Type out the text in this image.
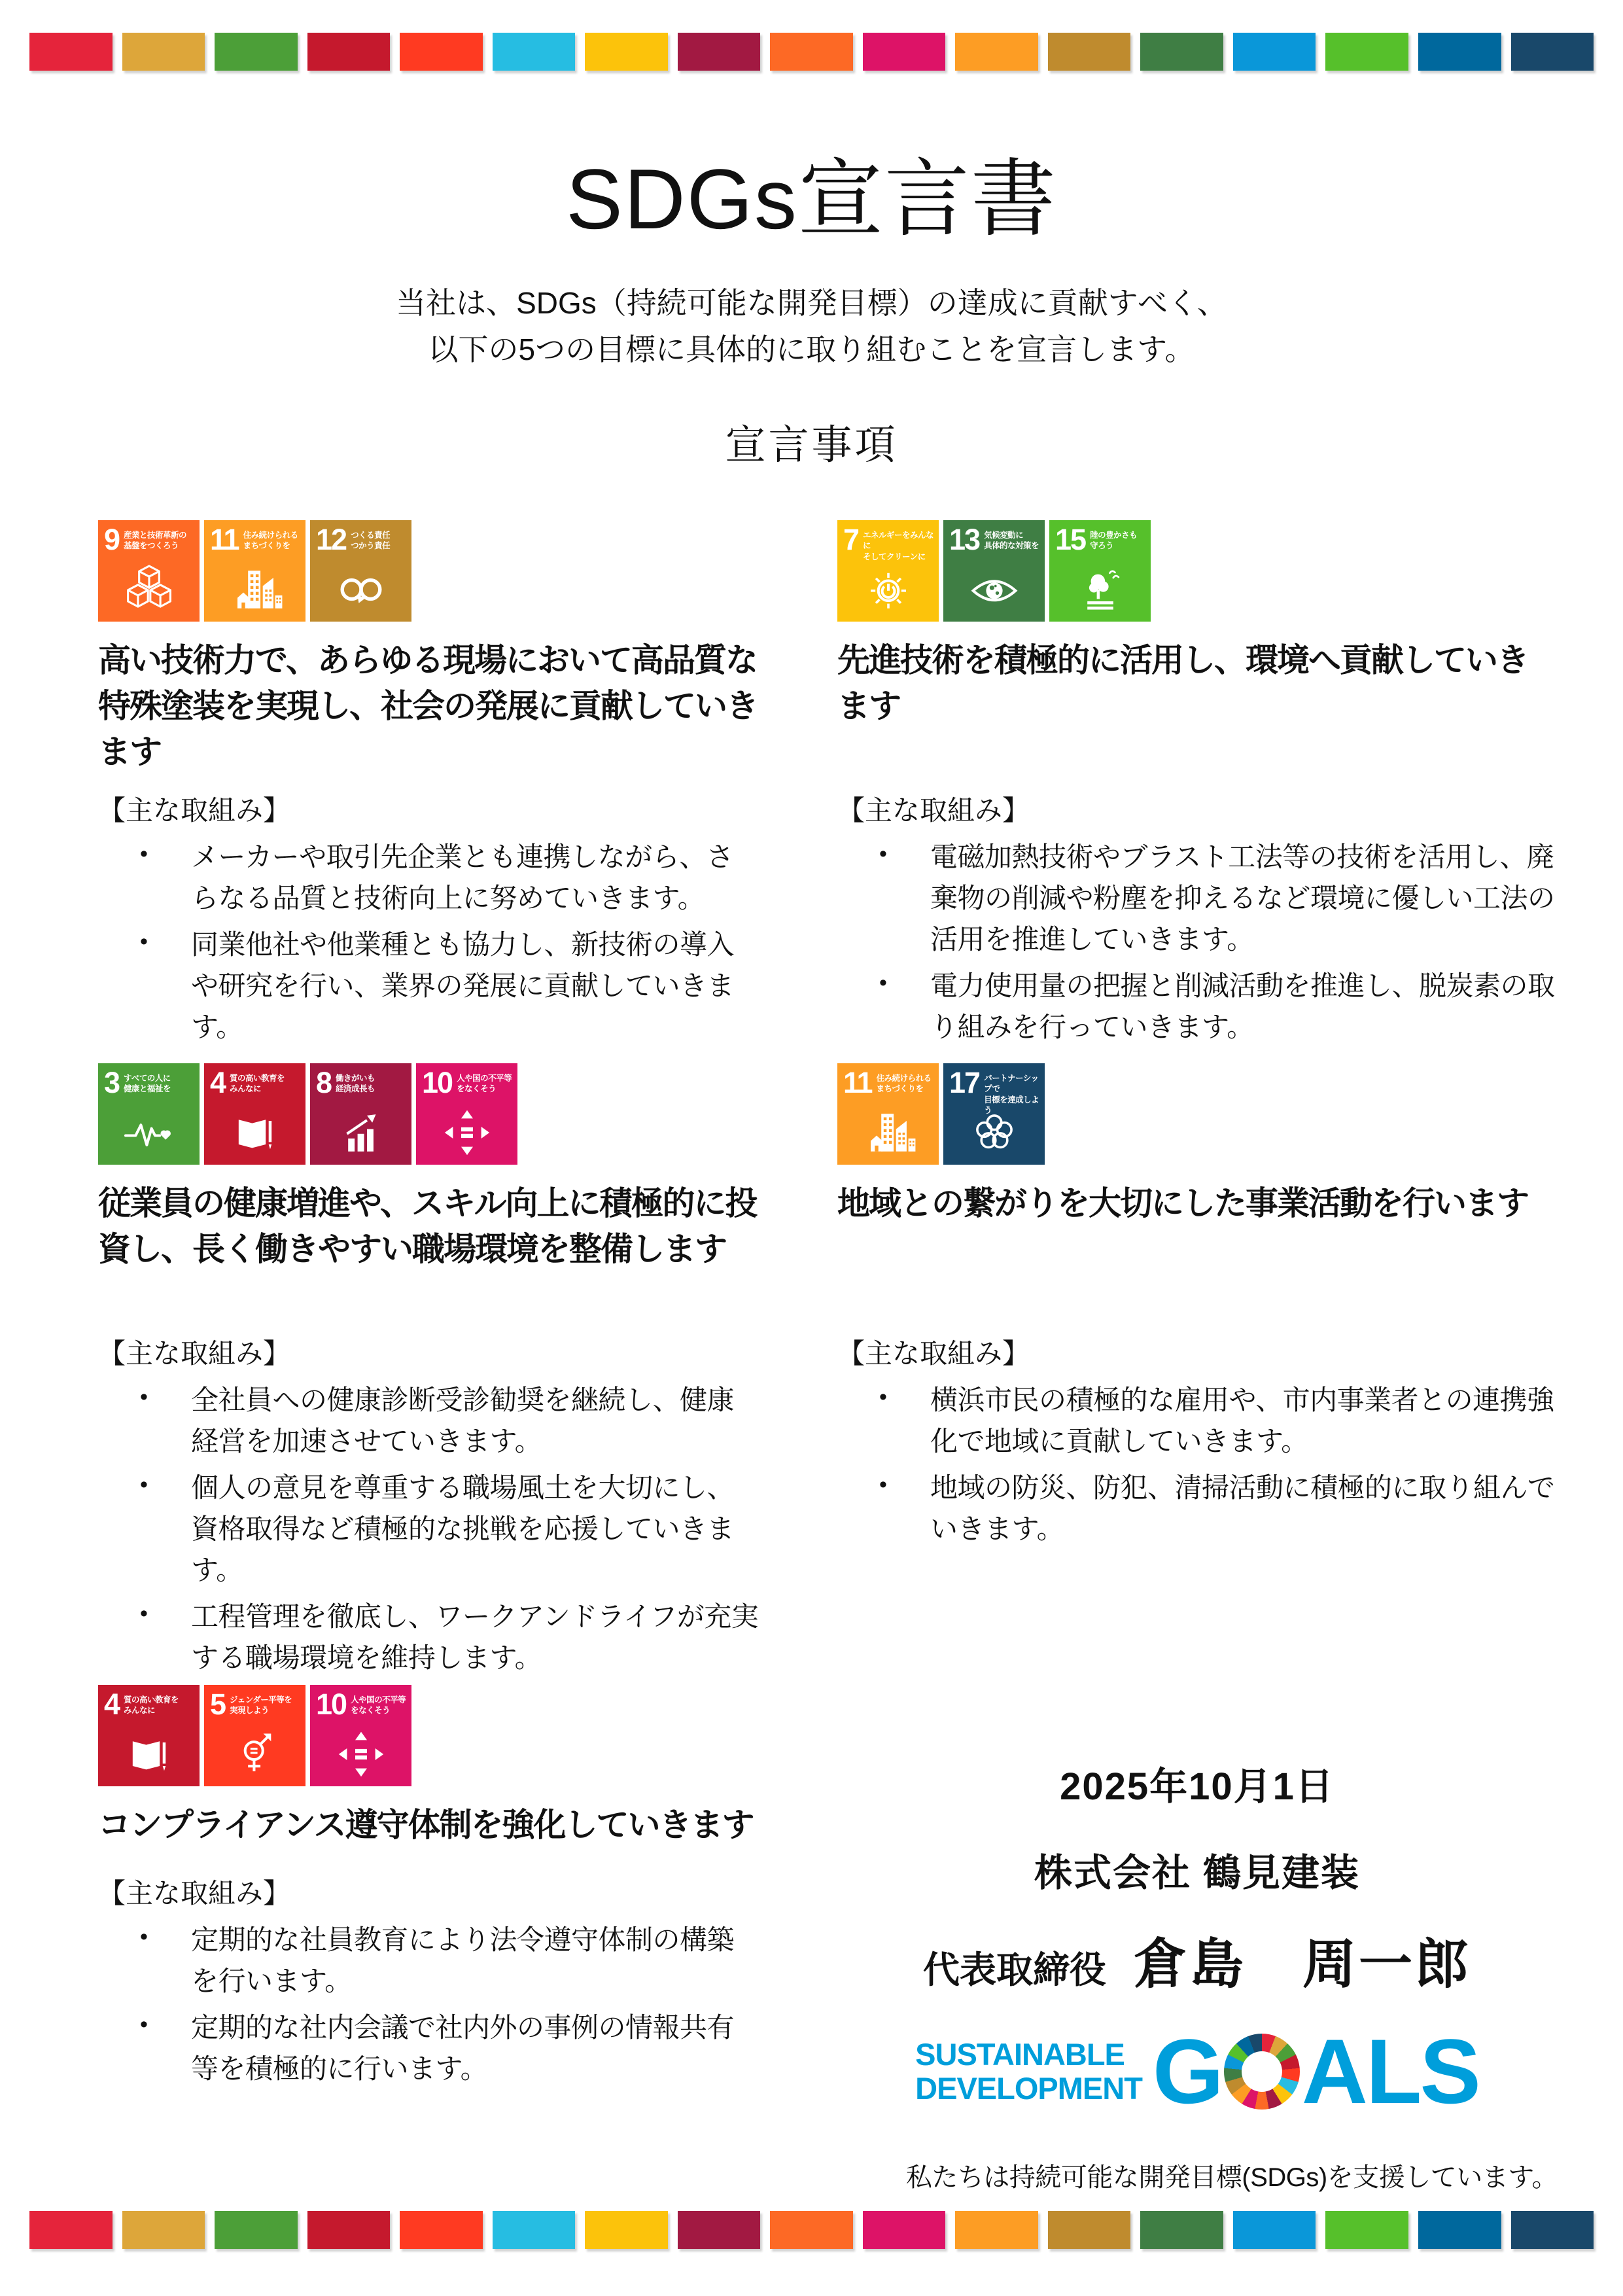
SDGs宣言書

当社は、SDGs（持続可能な開発目標）の達成に貢献すべく、
以下の5つの目標に具体的に取り組むことを宣言します。

宣言事項
9 産業と技術革新の
基盤をつくろう 11 住み続けられる
まちづくりを 12 つくる責任
つかう責任
高い技術力で、あらゆる現場において高品質な特殊塗装を実現し、社会の発展に貢献していきます
【主な取組み】
• メーカーや取引先企業とも連携しながら、さらなる品質と技術向上に努めていきます。
• 同業他社や他業種とも協力し、新技術の導入や研究を行い、業界の発展に貢献していきます。
7 エネルギーをみんなに
そしてクリーンに
13 気候変動に
具体的な対策を 15 陸の豊かさも
守ろう
先進技術を積極的に活用し、環境へ貢献していきます
【主な取組み】
• 電磁加熱技術やブラスト工法等の技術を活用し、廃棄物の削減や粉塵を抑えるなど環境に優しい工法の活用を推進していきます。
• 電力使用量の把握と削減活動を推進し、脱炭素の取り組みを行っていきます。
3 すべての人に
健康と福祉を 4 質の高い教育を
みんなに	8 働きがいも
経済成長も 10 人や国の不平等
をなくそう
従業員の健康増進や、スキル向上に積極的に投資し、長く働きやすい職場環境を整備します
【主な取組み】
• 全社員への健康診断受診勧奨を継続し、健康経営を加速させていきます。
• 個人の意見を尊重する職場風土を大切にし、資格取得など積極的な挑戦を応援していきます。
• 工程管理を徹底し、ワークアンドライフが充実する職場環境を維持します。
11 住み続けられる
まちづくりを 17 パートナーシップで
目標を達成しよう
地域との繋がりを大切にした事業活動を行います
【主な取組み】
• 横浜市民の積極的な雇用や、市内事業者との連携強化で地域に貢献していきます。
• 地域の防災、防犯、清掃活動に積極的に取り組んでいきます。
4 質の高い教育を
みんなに	5 ジェンダー平等を
実現しよう	10 人や国の不平等
をなくそう
コンプライアンス遵守体制を強化していきます
【主な取組み】
• 定期的な社員教育により法令遵守体制の構築を行います。
• 定期的な社内会議で社内外の事例の情報共有等を積極的に行います。
2025年10月1日
株式会社 鶴見建装
代表取締役 倉島　周一郎
SUSTAINABLE
DEVELOPMENT G ALS
私たちは持続可能な開発目標(SDGs)を支援しています。
